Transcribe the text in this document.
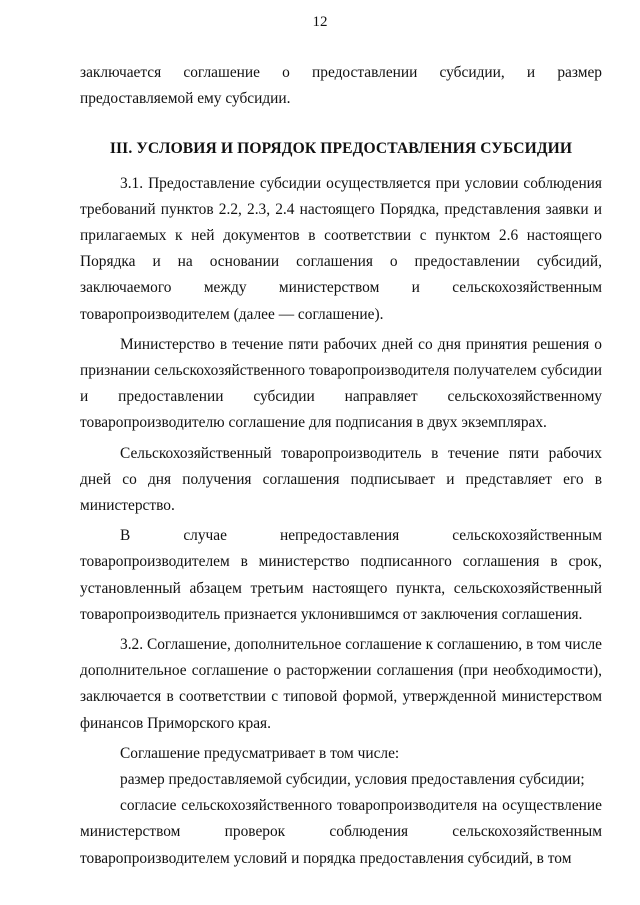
12

заключается соглашение о предоставлении субсидии, и размер

предоставляемой ему субсидии.

III. УСЛОВИЯ И ПОРЯДОК ПРЕДОСТАВЛЕНИЯ СУБСИДИИ

3.1. Предоставление субсидии осуществляется при условии соблюдения требований пунктов 2.2, 2.3, 2.4 настоящего Порядка, представления заявки и прилагаемых к ней документов в соответствии с пунктом 2.6 настоящего Порядка и на основании соглашения о предоставлении субсидий, заключаемого между министерством и сельскохозяйственным товаропроизводителем (далее — соглашение).

Министерство в течение пяти рабочих дней со дня принятия решения о признании сельскохозяйственного товаропроизводителя получателем субсидии и предоставлении субсидии направляет сельскохозяйственному товаропроизводителю соглашение для подписания в двух экземплярах.

Сельскохозяйственный товаропроизводитель в течение пяти рабочих дней со дня получения соглашения подписывает и представляет его в министерство.

В случае непредоставления сельскохозяйственным товаропроизводителем в министерство подписанного соглашения в срок, установленный абзацем третьим настоящего пункта, сельскохозяйственный товаропроизводитель признается уклонившимся от заключения соглашения.

3.2. Соглашение, дополнительное соглашение к соглашению, в том числе дополнительное соглашение о расторжении соглашения (при необходимости), заключается в соответствии с типовой формой, утвержденной министерством финансов Приморского края.

Соглашение предусматривает в том числе:

размер предоставляемой субсидии, условия предоставления субсидии;

согласие сельскохозяйственного товаропроизводителя на осуществление министерством проверок соблюдения сельскохозяйственным товаропроизводителем условий и порядка предоставления субсидий, в том
